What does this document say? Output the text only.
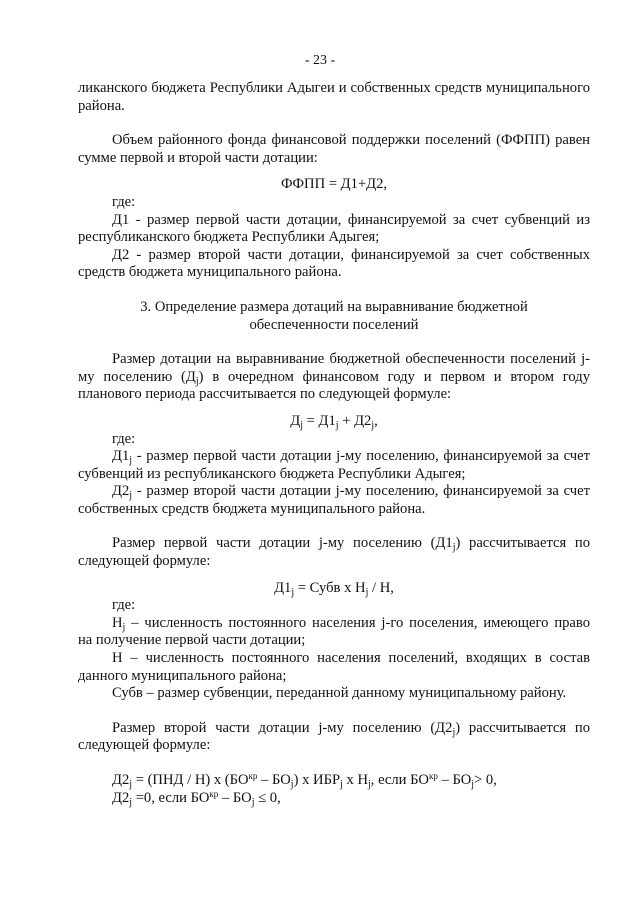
- 23 -

ликанского бюджета Республики Адыгеи и собственных средств муниципального района.

Объем районного фонда финансовой поддержки поселений (ФФПП) равен сумме первой и второй части дотации:

ФФПП = Д1+Д2,

где:

Д1 - размер первой части дотации, финансируемой за счет субвенций из республиканского бюджета Республики Адыгея;

Д2 - размер второй части дотации, финансируемой за счет собственных средств бюджета муниципального района.

3. Определение размера дотаций на выравнивание бюджетной

обеспеченности поселений

Размер дотации на выравнивание бюджетной обеспеченности поселений j-му поселению $(Д_j)$ в очередном финансовом году и первом и втором году планового периода рассчитывается по следующей формуле:

$Д_j = Д1_j + Д2_j$,

где:

$Д1_j$ - размер первой части дотации j-му поселению, финансируемой за счет субвенций из республиканского бюджета Республики Адыгея;

$Д2_j$ - размер второй части дотации j-му поселению, финансируемой за счет собственных средств бюджета муниципального района.

Размер первой части дотации j-му поселению $(Д1_j)$ рассчитывается по следующей формуле:

$Д1_j$ = Субв х $Н_j$ / Н,

где:

$Н_j$ – численность постоянного населения j-го поселения, имеющего право на получение первой части дотации;

Н – численность постоянного населения поселений, входящих в состав данного муниципального района;

Субв – размер субвенции, переданной данному муниципальному району.

Размер второй части дотации j-му поселению $(Д2_j)$ рассчитывается по следующей формуле:

$Д2_j = (ПНД / Н)$ х $(БО^{кр} - БО_j)$ х $ИБР_j$ х $Н_j$, если $БО^{кр} - БО_j> 0$,

$Д2_j =0$, если $БО^{кр} - БО_j \le 0$,
